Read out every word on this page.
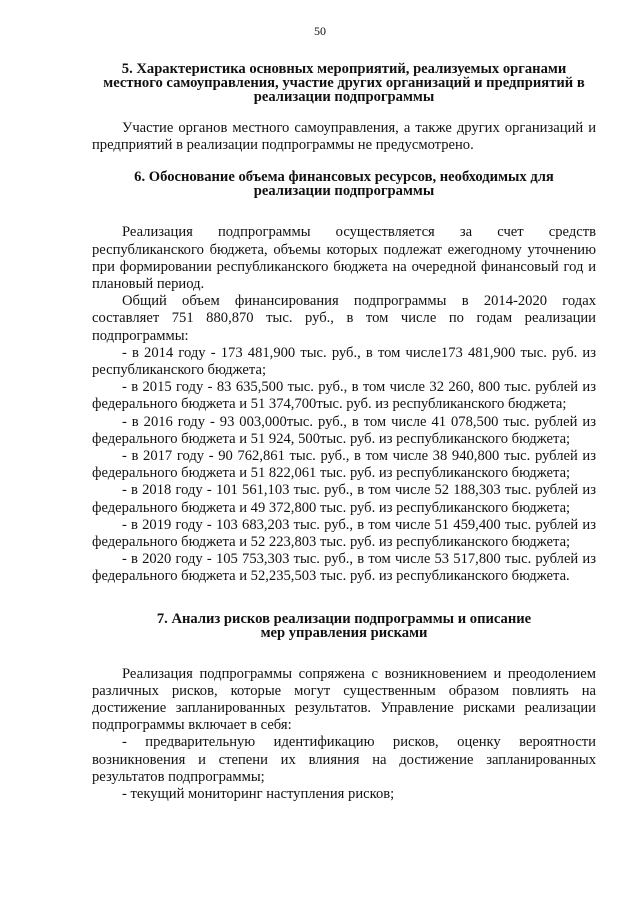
50
5. Характеристика основных мероприятий, реализуемых органами
местного самоуправления, участие других организаций и предприятий в
реализации подпрограммы

Участие органов местного самоуправления, а также других организаций и предприятий в реализации подпрограммы не предусмотрено.

6. Обоснование объема финансовых ресурсов, необходимых для
реализации подпрограммы

Реализация подпрограммы осуществляется за счет средств республиканского бюджета, объемы которых подлежат ежегодному уточнению при формировании республиканского бюджета на очередной финансовый год и плановый период.

Общий объем финансирования подпрограммы в 2014-2020 годах составляет 751 880,870 тыс. руб., в том числе по годам реализации подпрограммы:

- в 2014 году - 173 481,900 тыс. руб., в том числе173 481,900 тыс. руб. из республиканского бюджета;

- в 2015 году - 83 635,500 тыс. руб., в том числе 32 260, 800 тыс. рублей из федерального бюджета и 51 374,700тыс. руб. из республиканского бюджета;

- в 2016 году - 93 003,000тыс. руб., в том числе 41 078,500 тыс. рублей из федерального бюджета и 51 924, 500тыс. руб. из республиканского бюджета;

- в 2017 году - 90 762,861 тыс. руб., в том числе 38 940,800 тыс. рублей из федерального бюджета и 51 822,061 тыс. руб. из республиканского бюджета;

- в 2018 году - 101 561,103 тыс. руб., в том числе 52 188,303 тыс. рублей из федерального бюджета и 49 372,800 тыс. руб. из республиканского бюджета;

- в 2019 году - 103 683,203 тыс. руб., в том числе 51 459,400 тыс. рублей из федерального бюджета и 52 223,803 тыс. руб. из республиканского бюджета;

- в 2020 году - 105 753,303 тыс. руб., в том числе 53 517,800 тыс. рублей из федерального бюджета и 52,235,503 тыс. руб. из республиканского бюджета.

7. Анализ рисков реализации подпрограммы и описание
мер управления рисками

Реализация подпрограммы сопряжена с возникновением и преодолением различных рисков, которые могут существенным образом повлиять на достижение запланированных результатов. Управление рисками реализации подпрограммы включает в себя:

- предварительную идентификацию рисков, оценку вероятности возникновения и степени их влияния на достижение запланированных результатов подпрограммы;

- текущий мониторинг наступления рисков;
